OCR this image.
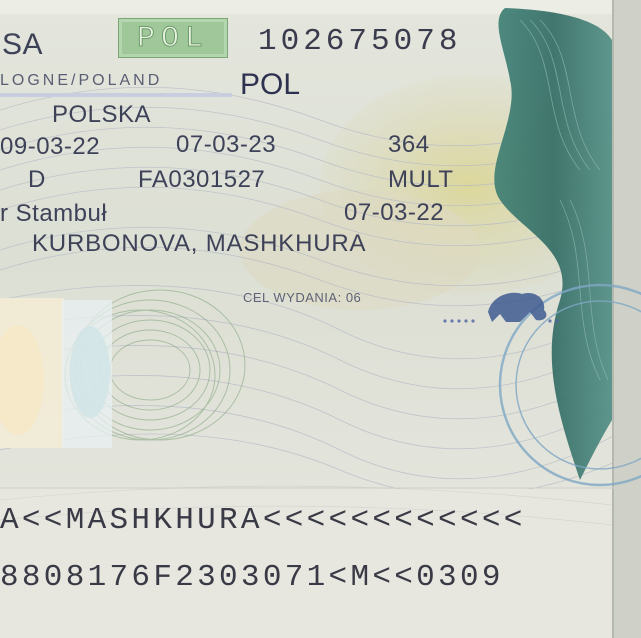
SA	POL	102675078
LOGNE/POLAND	POL
POLSKA
09-03-22	07-03-23	364
D	FA0301527	MULT
r Stambuł	07-03-22
KURBONOVA, MASHKHURA
CEL WYDANIA: 06
A<<MASHKHURA<<<<<<<<<<<<
8808176F2303071<M<<0309
